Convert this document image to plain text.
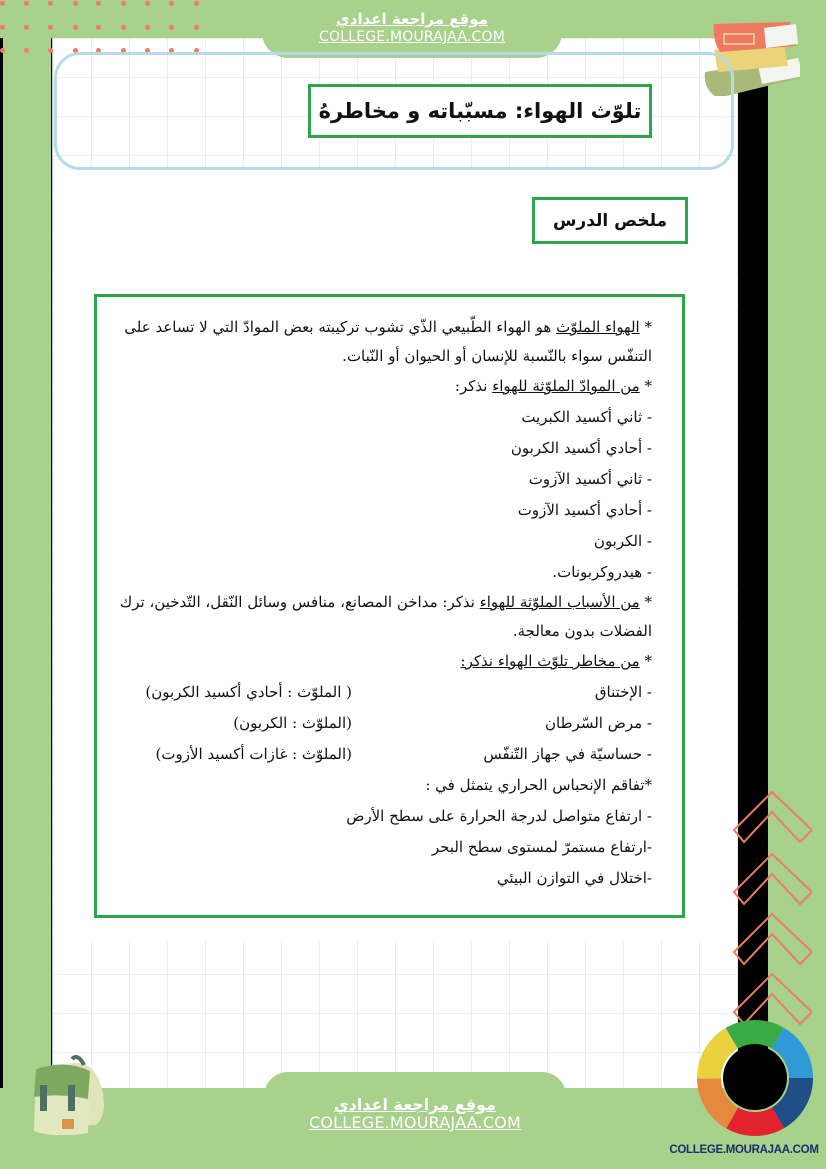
موقع مراجعة اعدادي
COLLEGE.MOURAJAA.COM
تلوّث الهواء: مسبّباته و مخاطرهُ
ملخص الدرس
* الهواء الملوّث هو الهواء الطّبيعي الذّي تشوب تركيبته بعض الموادّ التي لا تساعد على التنفّس سواء بالنّسبة للإنسان أو الحيوان أو النّبات.
* من الموادّ الملوّثة للهواء نذكر:
- ثاني أكسيد الكبريت
- أحادي أكسيد الكربون
- ثاني أكسيد الآزوت
- أحادي أكسيد الآزوت
- الكربون
- هيدروكربونات.
* من الأسباب الملوّثة للهواء نذكر: مداخن المصانع، منافس وسائل النّقل، التّدخين، ترك الفضلات بدون معالجة.
* من مخاطر تلوّث الهواء نذكر:
- الإختناق
( الملوّث : أحادي أكسيد الكربون)
- مرض السّرطان
(الملوّث : الكربون)
- حساسيّة في جهاز التّنفّس
(الملوّث : غازات أكسيد الأزوت)
*تفاقم الإنحباس الحراري يتمثل في :
- ارتفاع متواصل لدرجة الحرارة على سطح الأرض
-ارتفاع مستمرّ لمستوى سطح البحر
-اختلال في التوازن البيئي
موقع مراجعة اعدادي
COLLEGE.MOURAJAA.COM
COLLEGE.MOURAJAA.COM
